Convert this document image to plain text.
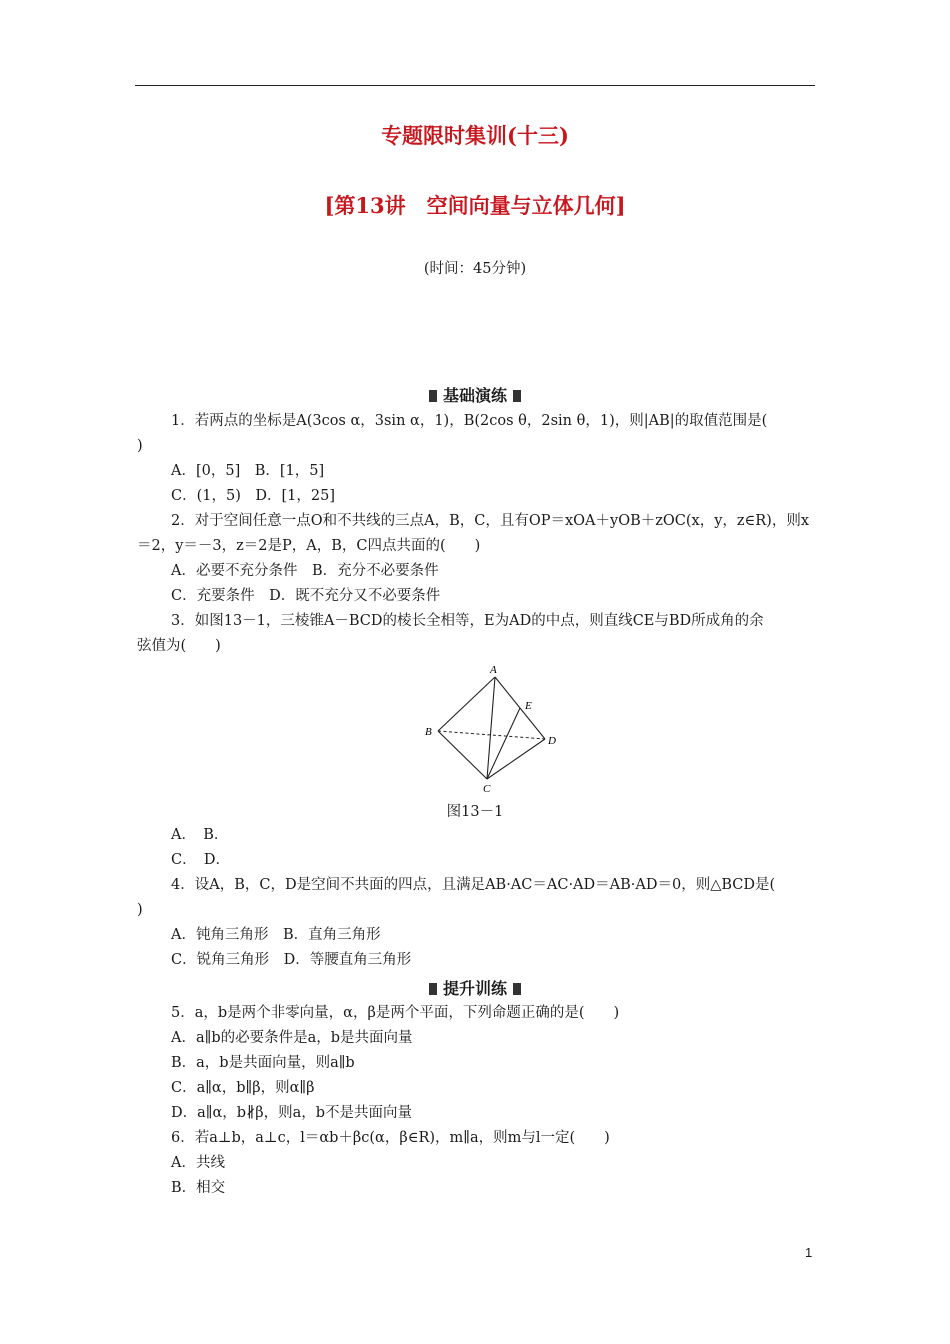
专题限时集训(十三)
[第13讲　空间向量与立体几何]
(时间：45分钟)
基础演练
1．若两点的坐标是A(3cos α，3sin α，1)，B(2cos θ，2sin θ，1)，则|AB|的取值范围是(
)
A．[0，5]　B．[1，5]
C．(1，5)　D．[1，25]
2．对于空间任意一点O和不共线的三点A，B，C，且有OP＝xOA＋yOB＋zOC(x，y，z∈R)，则x
＝2，y＝－3，z＝2是P，A，B，C四点共面的(　　)
A．必要不充分条件　B．充分不必要条件
C．充要条件　D．既不充分又不必要条件
3．如图13－1，三棱锥A－BCD的棱长全相等，E为AD的中点，则直线CE与BD所成角的余
弦值为(　　)
A
B
C
D
E
图13－1
A．　B．
C．　D．
4．设A，B，C，D是空间不共面的四点，且满足AB·AC＝AC·AD＝AB·AD＝0，则△BCD是(
)
A．钝角三角形　B．直角三角形
C．锐角三角形　D．等腰直角三角形
提升训练
5．a，b是两个非零向量，α，β是两个平面，下列命题正确的是(　　)
A．a∥b的必要条件是a，b是共面向量
B．a，b是共面向量，则a∥b
C．a∥α，b∥β，则α∥β
D．a∥α，b∦β，则a，b不是共面向量
6．若a⊥b，a⊥c，l＝αb＋βc(α，β∈R)，m∥a，则m与l一定(　　)
A．共线
B．相交
1
